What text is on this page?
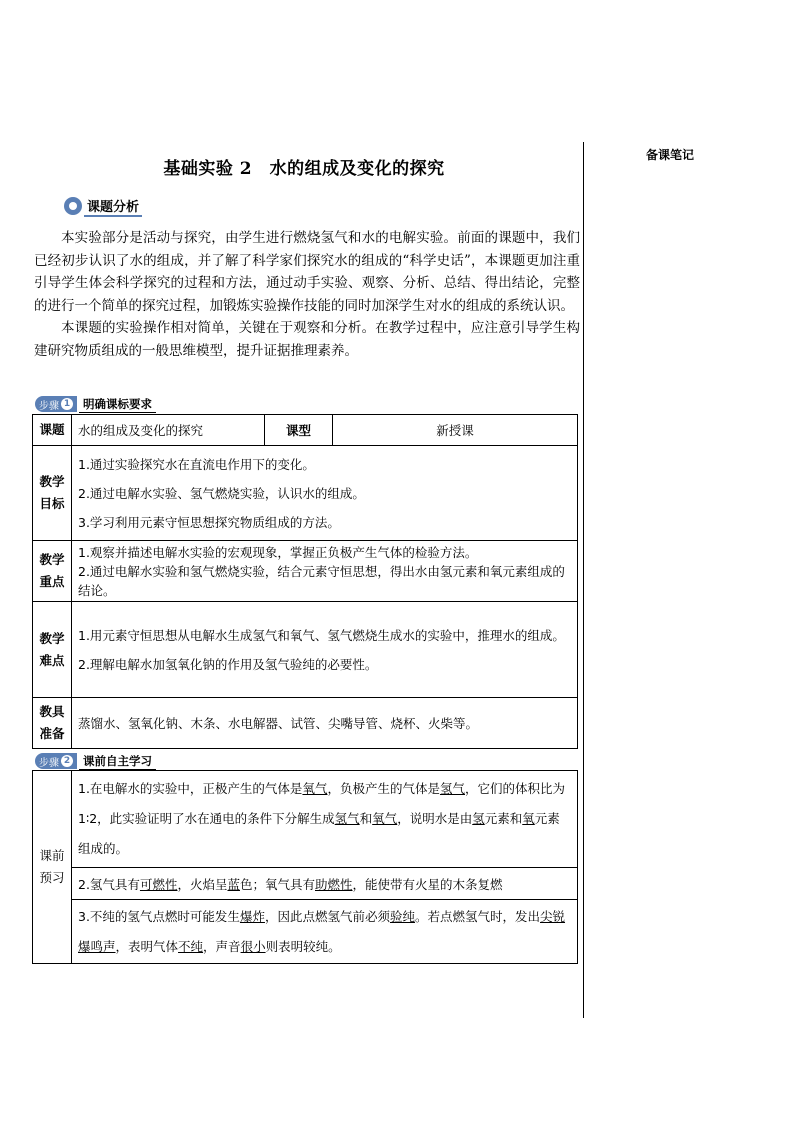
备课笔记
基础实验 2　水的组成及变化的探究
课题分析

本实验部分是活动与探究，由学生进行燃烧氢气和水的电解实验。前面的课题中，我们已经初步认识了水的组成，并了解了科学家们探究水的组成的“科学史话”，本课题更加注重引导学生体会科学探究的过程和方法，通过动手实验、观察、分析、总结、得出结论，完整的进行一个简单的探究过程，加锻炼实验操作技能的同时加深学生对水的组成的系统认识。

本课题的实验操作相对简单，关键在于观察和分析。在教学过程中，应注意引导学生构建研究物质组成的一般思维模型，提升证据推理素养。

步骤 1	明确课标要求
课题	水的组成及变化的探究	课型	新授课
教学目标	1.通过实验探究水在直流电作用下的变化。
2.通过电解水实验、氢气燃烧实验，认识水的组成。
3.学习利用元素守恒思想探究物质组成的方法。		

教学重点	1.观察并描述电解水实验的宏观现象，掌握正负极产生气体的检验方法。
2.通过电解水实验和氢气燃烧实验，结合元素守恒思想，得出水由氢元素和氧元素组成的结论。		

教学难点	1.用元素守恒思想从电解水生成氢气和氧气、氢气燃烧生成水的实验中，推理水的组成。
2.理解电解水加氢氧化钠的作用及氢气验纯的必要性。		

教具准备	蒸馏水、氢氧化钠、木条、水电解器、试管、尖嘴导管、烧杯、火柴等。		
步骤 2	课前自主学习
课前预习	1.在电解水的实验中，正极产生的气体是氧气，负极产生的气体是氢气，它们的体积比为 1∶2，此实验证明了水在通电的条件下分解生成氢气和氧气，说明水是由氢元素和氧元素组成的。
2.氢气具有可燃性，火焰呈蓝色；氧气具有助燃性，能使带有火星的木条复燃
3.不纯的氢气点燃时可能发生爆炸，因此点燃氢气前必须验纯。若点燃氢气时，发出尖锐爆鸣声，表明气体不纯，声音很小则表明较纯。
